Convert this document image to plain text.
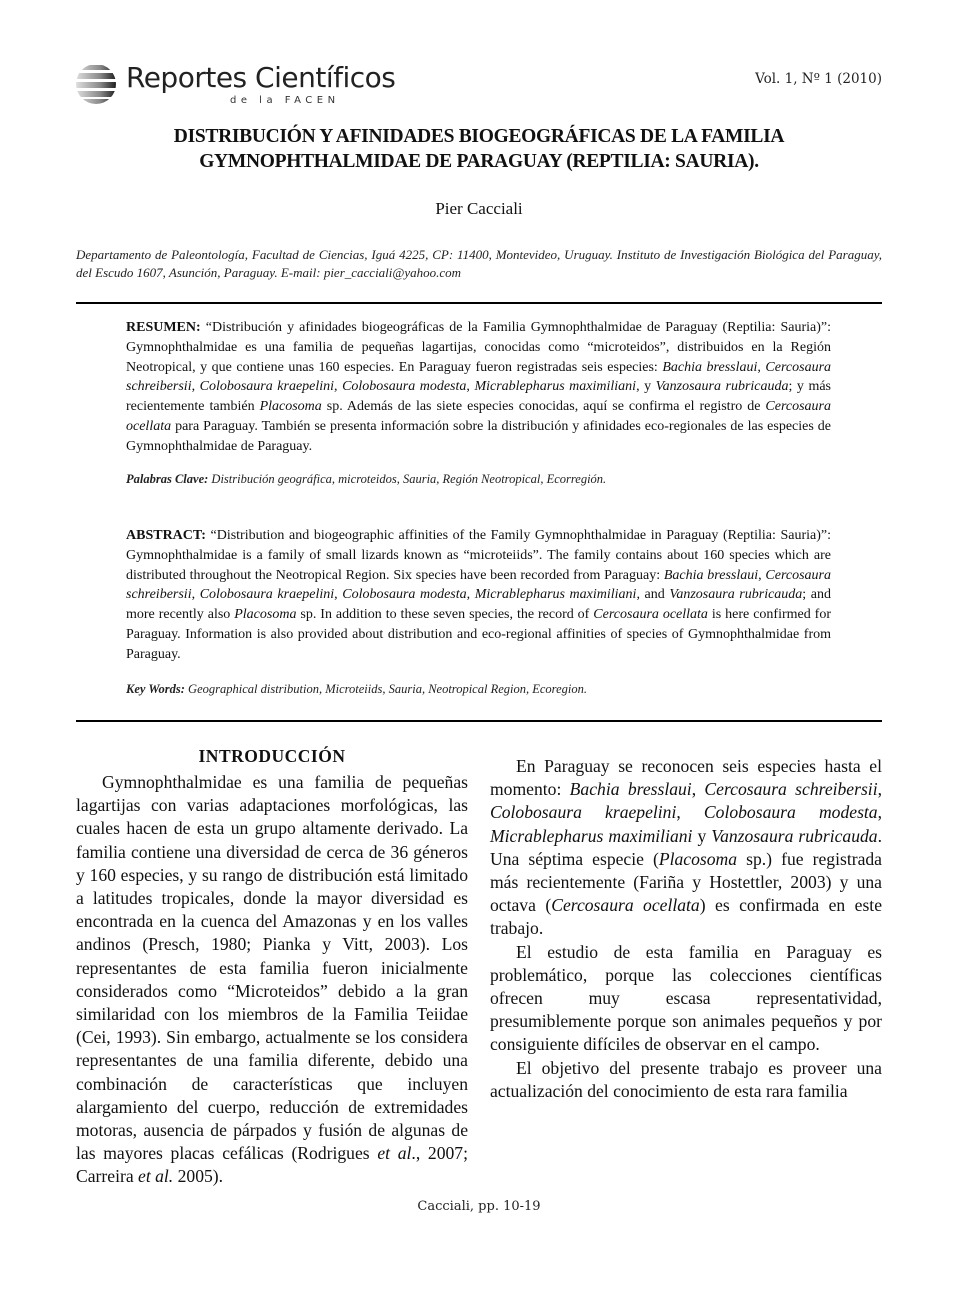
Reportes Científicos
de la FACEN
Vol. 1, Nº 1 (2010)
DISTRIBUCIÓN Y AFINIDADES BIOGEOGRÁFICAS DE LA FAMILIA
GYMNOPHTHALMIDAE DE PARAGUAY (REPTILIA: SAURIA).
Pier Cacciali
Departamento de Paleontología, Facultad de Ciencias, Iguá 4225, CP: 11400, Montevideo, Uruguay. Instituto de Investigación Biológica del Paraguay, del Escudo 1607, Asunción, Paraguay. E-mail: pier_cacciali@yahoo.com
RESUMEN: “Distribución y afinidades biogeográficas de la Familia Gymnophthalmidae de Paraguay (Reptilia: Sauria)”: Gymnophthalmidae es una familia de pequeñas lagartijas, conocidas como “microteidos”, distribuidos en la Región Neotropical, y que contiene unas 160 especies. En Paraguay fueron registradas seis especies: Bachia bresslaui, Cercosaura schreibersii, Colobosaura kraepelini, Colobosaura modesta, Micrablepharus maximiliani, y Vanzosaura rubricauda; y más recientemente también Placosoma sp. Además de las siete especies conocidas, aquí se confirma el registro de Cercosaura ocellata para Paraguay. También se presenta información sobre la distribución y afinidades eco-regionales de las especies de Gymnophthalmidae de Paraguay.
Palabras Clave: Distribución geográfica, microteidos, Sauria, Región Neotropical, Ecorregión.
ABSTRACT: “Distribution and biogeographic affinities of the Family Gymnophthalmidae in Paraguay (Reptilia: Sauria)”: Gymnophthalmidae is a family of small lizards known as “microteiids”. The family contains about 160 species which are distributed throughout the Neotropical Region. Six species have been recorded from Paraguay: Bachia bresslaui, Cercosaura schreibersii, Colobosaura kraepelini, Colobosaura modesta, Micrablepharus maximiliani, and Vanzosaura rubricauda; and more recently also Placosoma sp. In addition to these seven species, the record of Cercosaura ocellata is here confirmed for Paraguay. Information is also provided about distribution and eco-regional affinities of species of Gymnophthalmidae from Paraguay.
Key Words: Geographical distribution, Microteiids, Sauria, Neotropical Region, Ecoregion.
INTRODUCCIÓN

Gymnophthalmidae es una familia de pequeñas lagartijas con varias adaptaciones morfológicas, las cuales hacen de esta un grupo altamente derivado. La familia contiene una diversidad de cerca de 36 géneros y 160 especies, y su rango de distribución está limitado a latitudes tropicales, donde la mayor diversidad es encontrada en la cuenca del Amazonas y en los valles andinos (Presch, 1980; Pianka y Vitt, 2003). Los representantes de esta familia fueron inicialmente considerados como “Microteidos” debido a la gran similaridad con los miembros de la Familia Teiidae (Cei, 1993). Sin embargo, actualmente se los considera representantes de una familia diferente, debido una combinación de características que incluyen alargamiento del cuerpo, reducción de extremidades motoras, ausencia de párpados y fusión de algunas de las mayores placas cefálicas (Rodrigues et al., 2007; Carreira et al. 2005).

En Paraguay se reconocen seis especies hasta el momento: Bachia bresslaui, Cercosaura schreibersii, Colobosaura kraepelini, Colobosaura modesta, Micrablepharus maximiliani y Vanzosaura rubricauda. Una séptima especie (Placosoma sp.) fue registrada más recientemente (Fariña y Hostettler, 2003) y una octava (Cercosaura ocellata) es confirmada en este trabajo.

El estudio de esta familia en Paraguay es problemático, porque las colecciones científicas ofrecen muy escasa representatividad, presumiblemente porque son animales pequeños y por consiguiente difíciles de observar en el campo.

El objetivo del presente trabajo es proveer una actualización del conocimiento de esta rara familia

Cacciali, pp. 10-19
